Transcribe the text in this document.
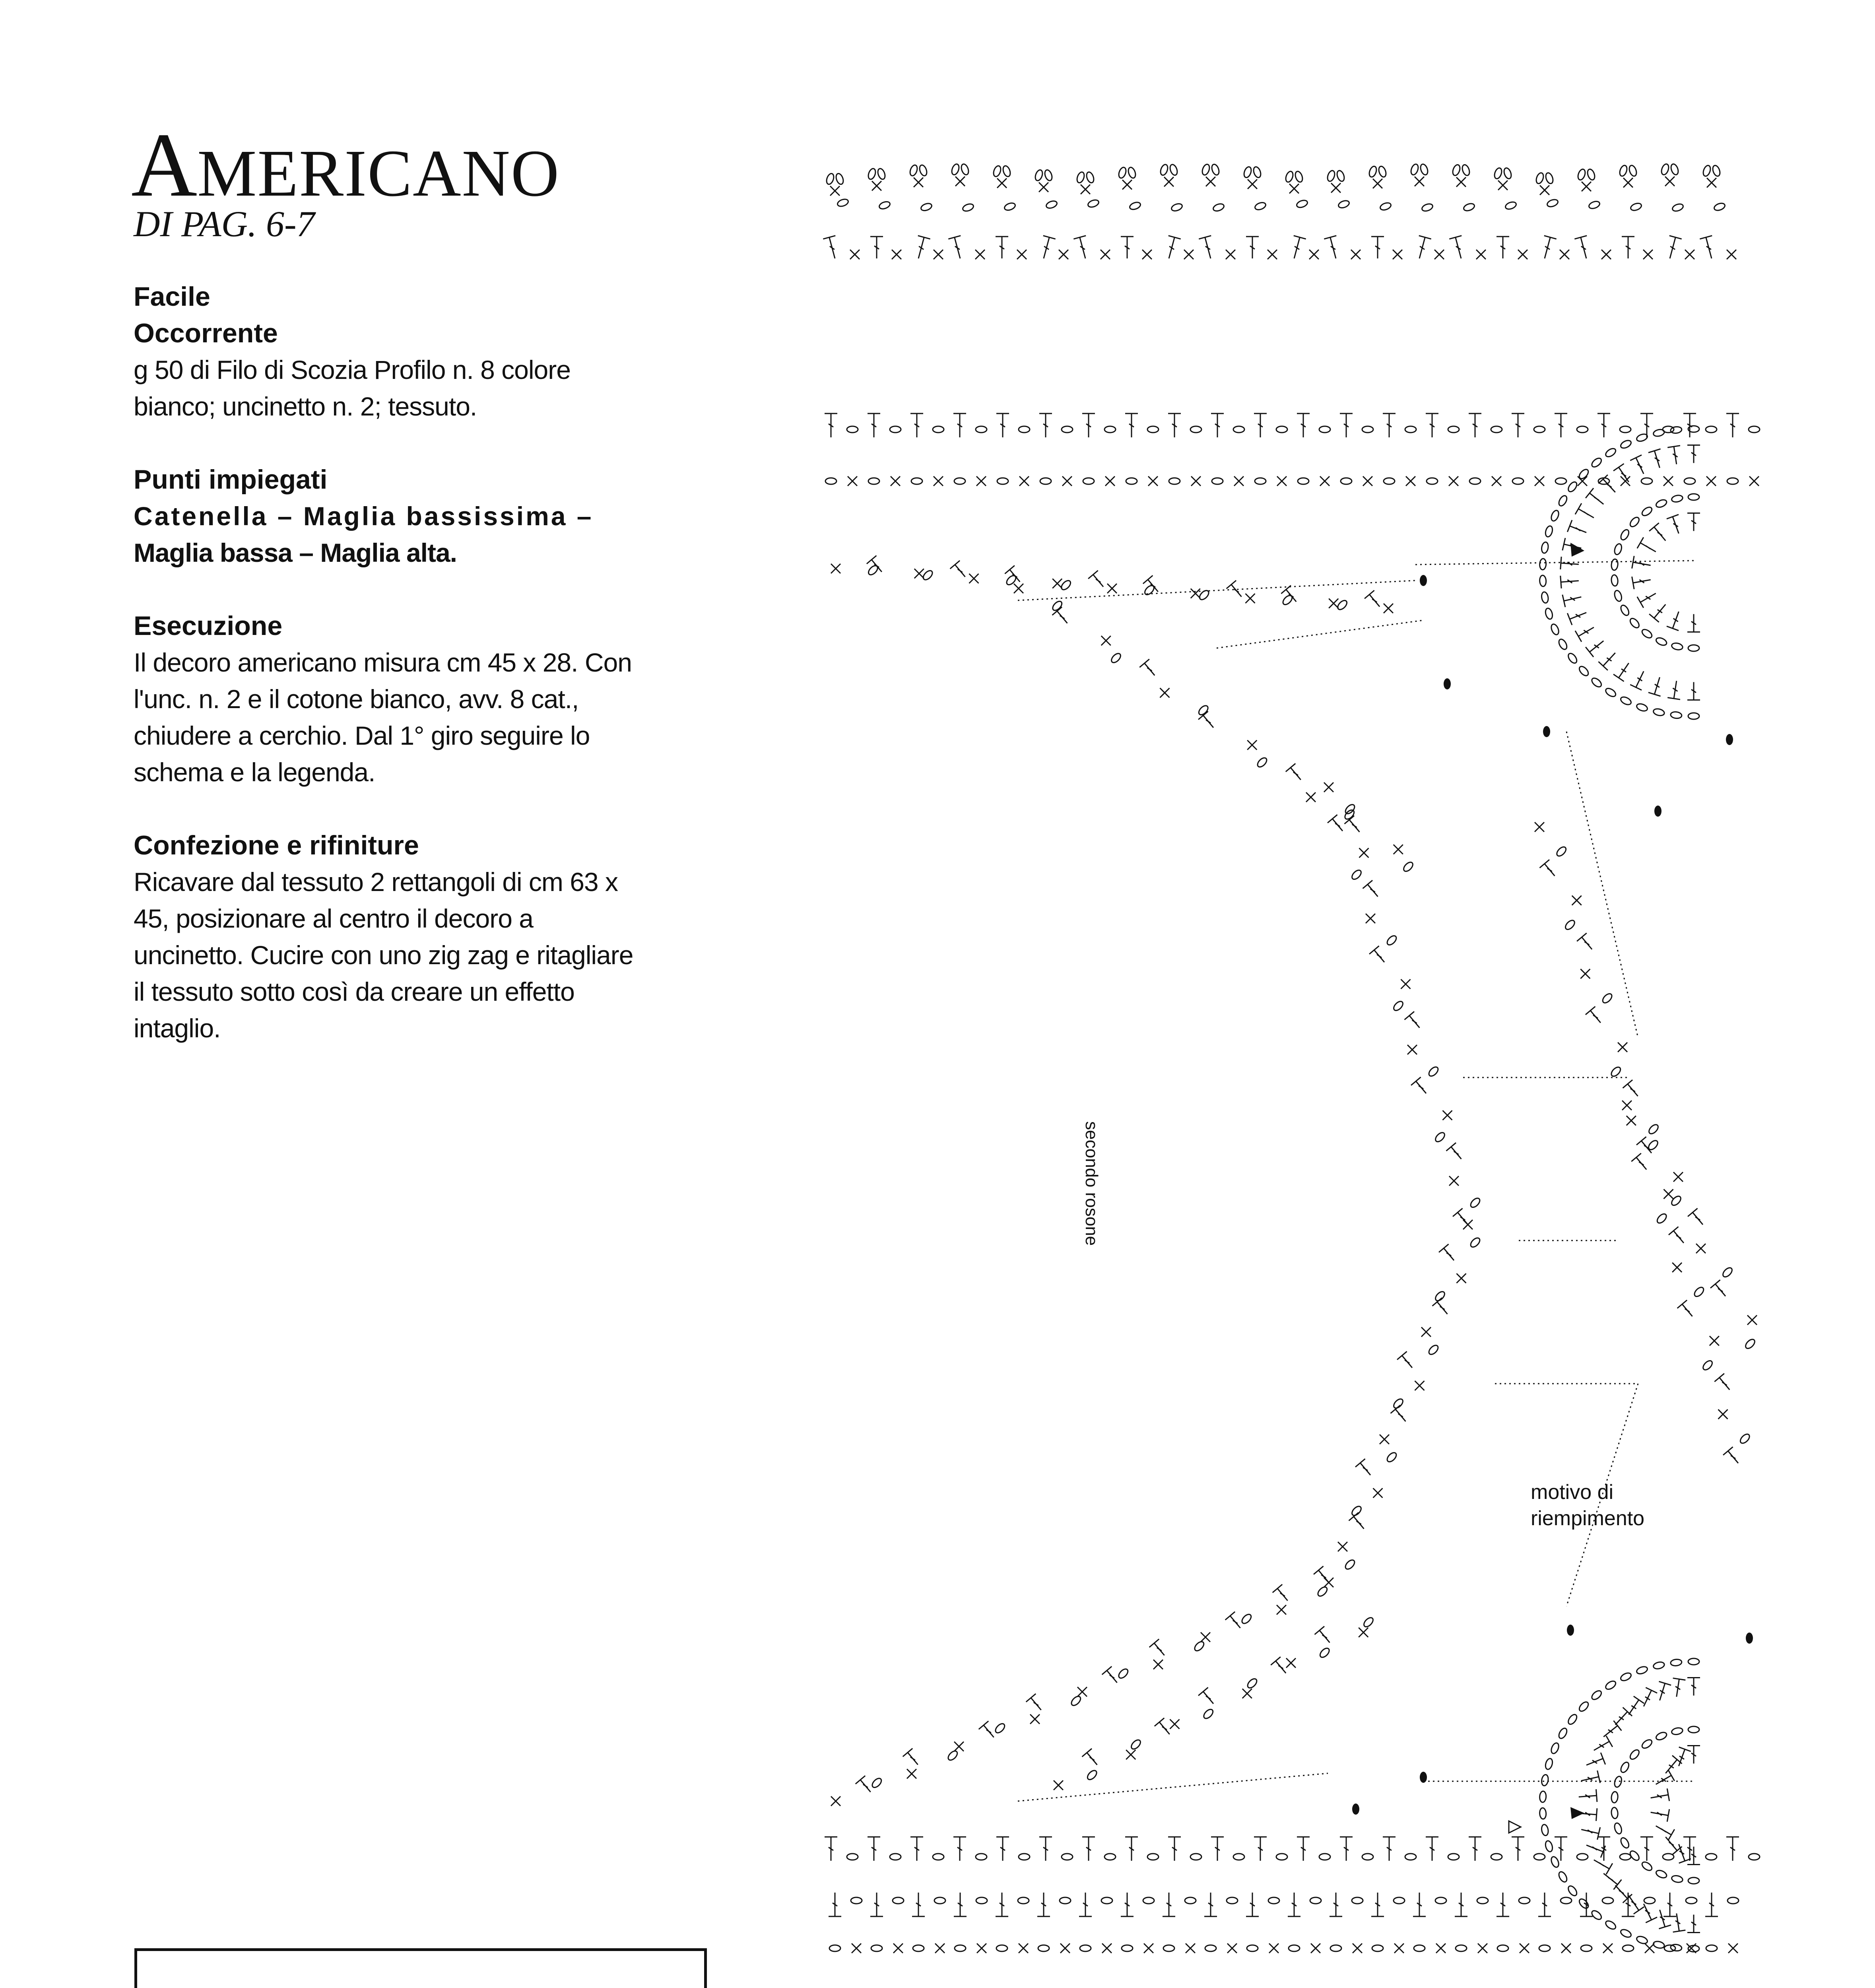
AMERICANO
DI PAG. 6-7
Facile
Occorrente

g 50 di Filo di Scozia Profilo n. 8 colore bianco; uncinetto n. 2; tessuto.

Punti impiegati

Catenella – Maglia bassissima –

Maglia bassa – Maglia alta.

Esecuzione

Il decoro americano misura cm 45 x 28. Con l'unc. n. 2 e il cotone bianco, avv. 8 cat., chiudere a cerchio. Dal 1° giro seguire lo schema e la legenda.

Confezione e rifiniture

Ricavare dal tessuto 2 rettangoli di cm 63 x 45, posizionare al centro il decoro a uncinetto. Cucire con uno zig zag e ritagliare il tessuto sotto così da creare un effetto intaglio.

secondo rosone
motivo di riempimento
